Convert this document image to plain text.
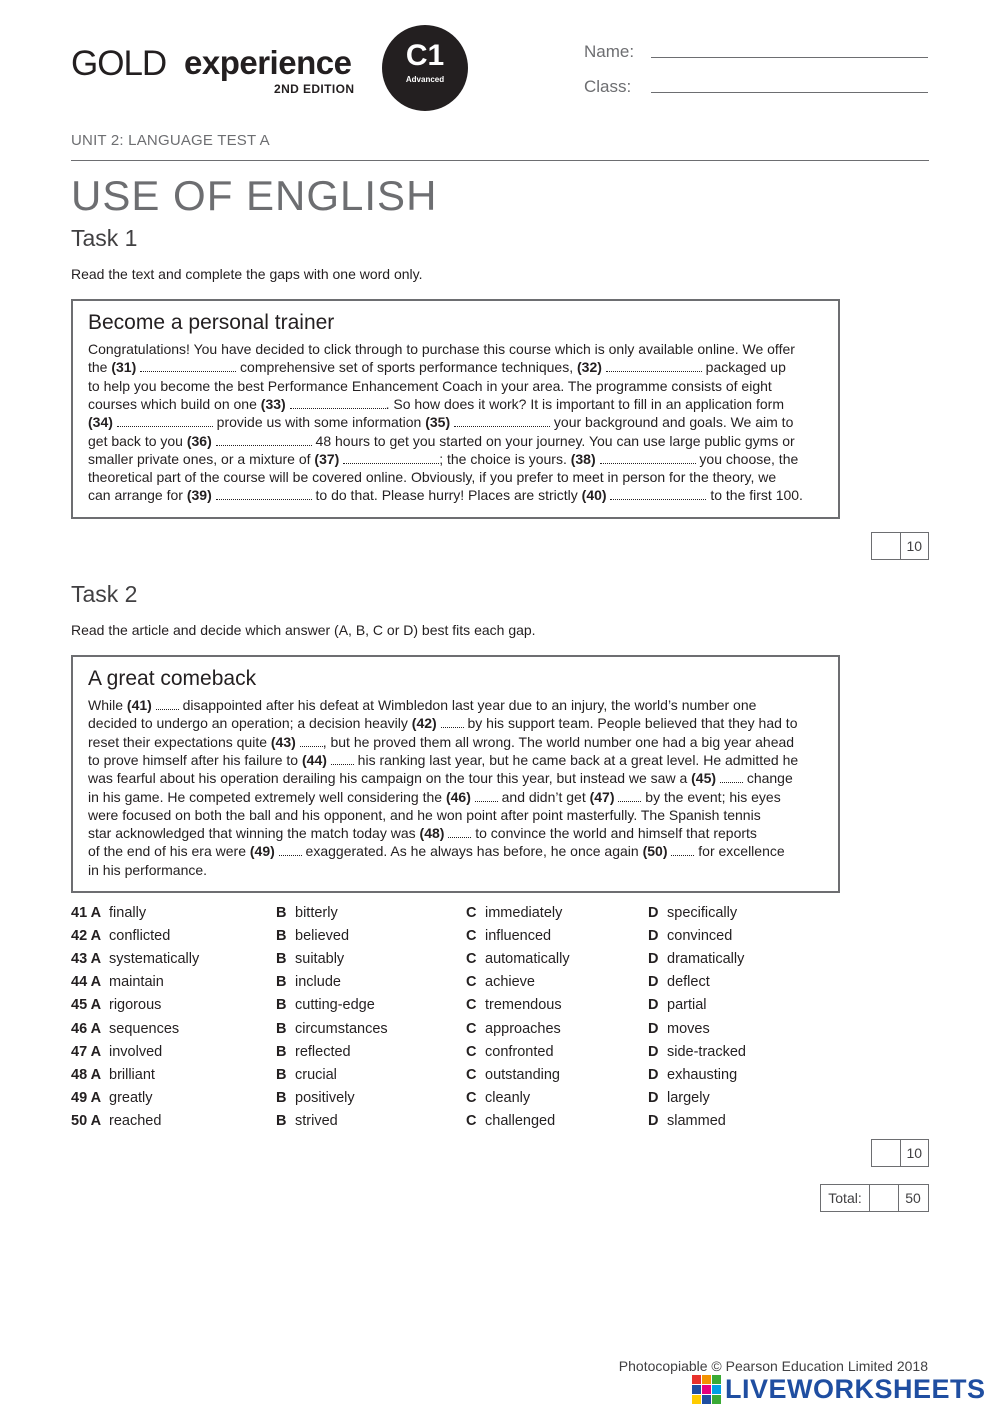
GOLD experience
2ND EDITION
C1
Advanced
Name:
Class:
UNIT 2: LANGUAGE TEST A
USE OF ENGLISH
Task 1
Read the text and complete the gaps with one word only.
Become a personal trainer
Congratulations! You have decided to click through to purchase this course which is only available online. We offer
the (31)	comprehensive set of sports performance techniques, (32)	packaged up
to help you become the best Performance Enhancement Coach in your area. The programme consists of eight
courses which build on one (33)	. So how does it work? It is important to fill in an application form
(34)	provide us with some information (35)	your background and goals. We aim to
get back to you (36)	48 hours to get you started on your journey. You can use large public gyms or
smaller private ones, or a mixture of (37)	; the choice is yours. (38)	you choose, the
theoretical part of the course will be covered online. Obviously, if you prefer to meet in person for the theory, we
can arrange for (39)	to do that. Please hurry! Places are strictly (40)	to the first 100.
10
Task 2
Read the article and decide which answer (A, B, C or D) best fits each gap.
A great comeback
While (41)  disappointed after his defeat at Wimbledon last year due to an injury, the world’s number one
decided to undergo an operation; a decision heavily (42)  by his support team. People believed that they had to
reset their expectations quite (43) , but he proved them all wrong. The world number one had a big year ahead
to prove himself after his failure to (44)  his ranking last year, but he came back at a great level. He admitted he
was fearful about his operation derailing his campaign on the tour this year, but instead we saw a (45)  change
in his game. He competed extremely well considering the (46)  and didn’t get (47)  by the event; his eyes
were focused on both the ball and his opponent, and he won point after point masterfully. The Spanish tennis
star acknowledged that winning the match today was (48)  to convince the world and himself that reports
of the end of his era were (49)  exaggerated. As he always has before, he once again (50)  for excellence
in his performance.
41 A finally	B bitterly	C immediately	D specifically
42 A conflicted	B believed	C influenced	D convinced
43 A systematically	B suitably	C automatically	D dramatically
44 A maintain	B include	C achieve	D deflect
45 A rigorous	B cutting-edge	C tremendous	D partial
46 A sequences	B circumstances	C approaches	D moves
47 A involved	B reflected	C confronted	D side-tracked
48 A brilliant	B crucial	C outstanding	D exhausting
49 A greatly	B positively	C cleanly	D largely
50 A reached	B strived	C challenged	D slammed
10
Total:	50
Photocopiable © Pearson Education Limited 2018
LIVEWORKSHEETS
